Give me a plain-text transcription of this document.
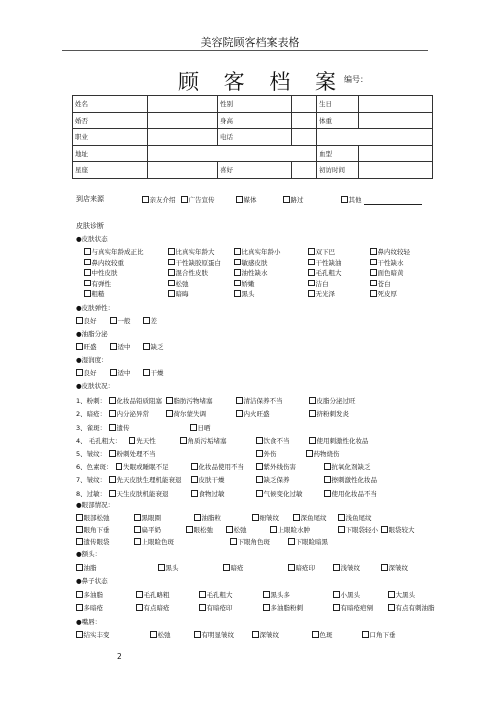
美容院顾客档案表格
顾 客 档 案
编号：
姓名		性别		生日	
婚否		身高		体重	
职业		电话			
地址				血型	
星座		喜好		初访时间	
到店来源	亲友介绍	广告宣传	媒体	路过	其他
皮肤诊断
●皮肤状态
与真实年龄成正比	比真实年龄大	比真实年龄小	双下巴	鼻内纹较轻
鼻内纹较重	干性缺胶原蛋白	敏感皮肤	干性缺油	干性缺水
中性皮肤	混合性皮肤	油性缺水	毛孔粗大	面色暗黄
有弹性	松弛	娇嫩	洁白	苍白
粗糙	暗晦	黑头	无光泽	死皮厚
●皮肤弹性：
良好	一般	差
●油脂分泌
旺盛	适中	缺乏
●湿润度：
良好	适中	干燥
●皮肤状况：
1、粉刺：	化妆品铅质阻塞	脂肪污物堵塞	清洁保养不当	皮脂分泌过旺
2、暗疮：	内分泌异常	荷尔蒙失调	内火旺盛	挤粉刺发炎
3、雀斑：	遗传	日晒
4、 毛孔粗大：	先天性	角质污垢堵塞	饮食不当	使用刺激性化妆品
5、皱纹：	粉刺处理不当	外伤	药物烧伤
6、色素斑：	失眠或睡眠不足	化妆品使用不当	紫外线伤害	抗氧化剂缺乏
7、皱纹：	先天皮肤生理机能衰退	皮肤干燥	缺乏保养	擦刺激性化妆品
8、过敏：	天生皮肤机能衰退	食物过敏	气候变化过敏	使用化妆品不当
●眼部情况：
眼部松弛	黑眼圈	油脂粒	细皱纹	深鱼尾纹	浅鱼尾纹
眼角下垂	扁平奶	眼松弛	松弛	上眼睑水肿	下眼袋轻小	眼袋较大
遗传眼袋	上眼睑色斑	下眼角色斑	下眼睑暗黑
●额头：
油脂	黑头	暗疮	暗疮印	浅皱纹	深皱纹
●鼻子状态
多油脂	毛孔略粗	毛孔粗大	黑头多	小黑头	大黑头
多暗疮	有点暗疮	有暗疮印	多油脂粉刺	有暗疮疤剜	有点有刺油脂
●嘴唇：
结实丰变	松弛	有明显皱纹	深皱纹	色斑	口角下垂
2
